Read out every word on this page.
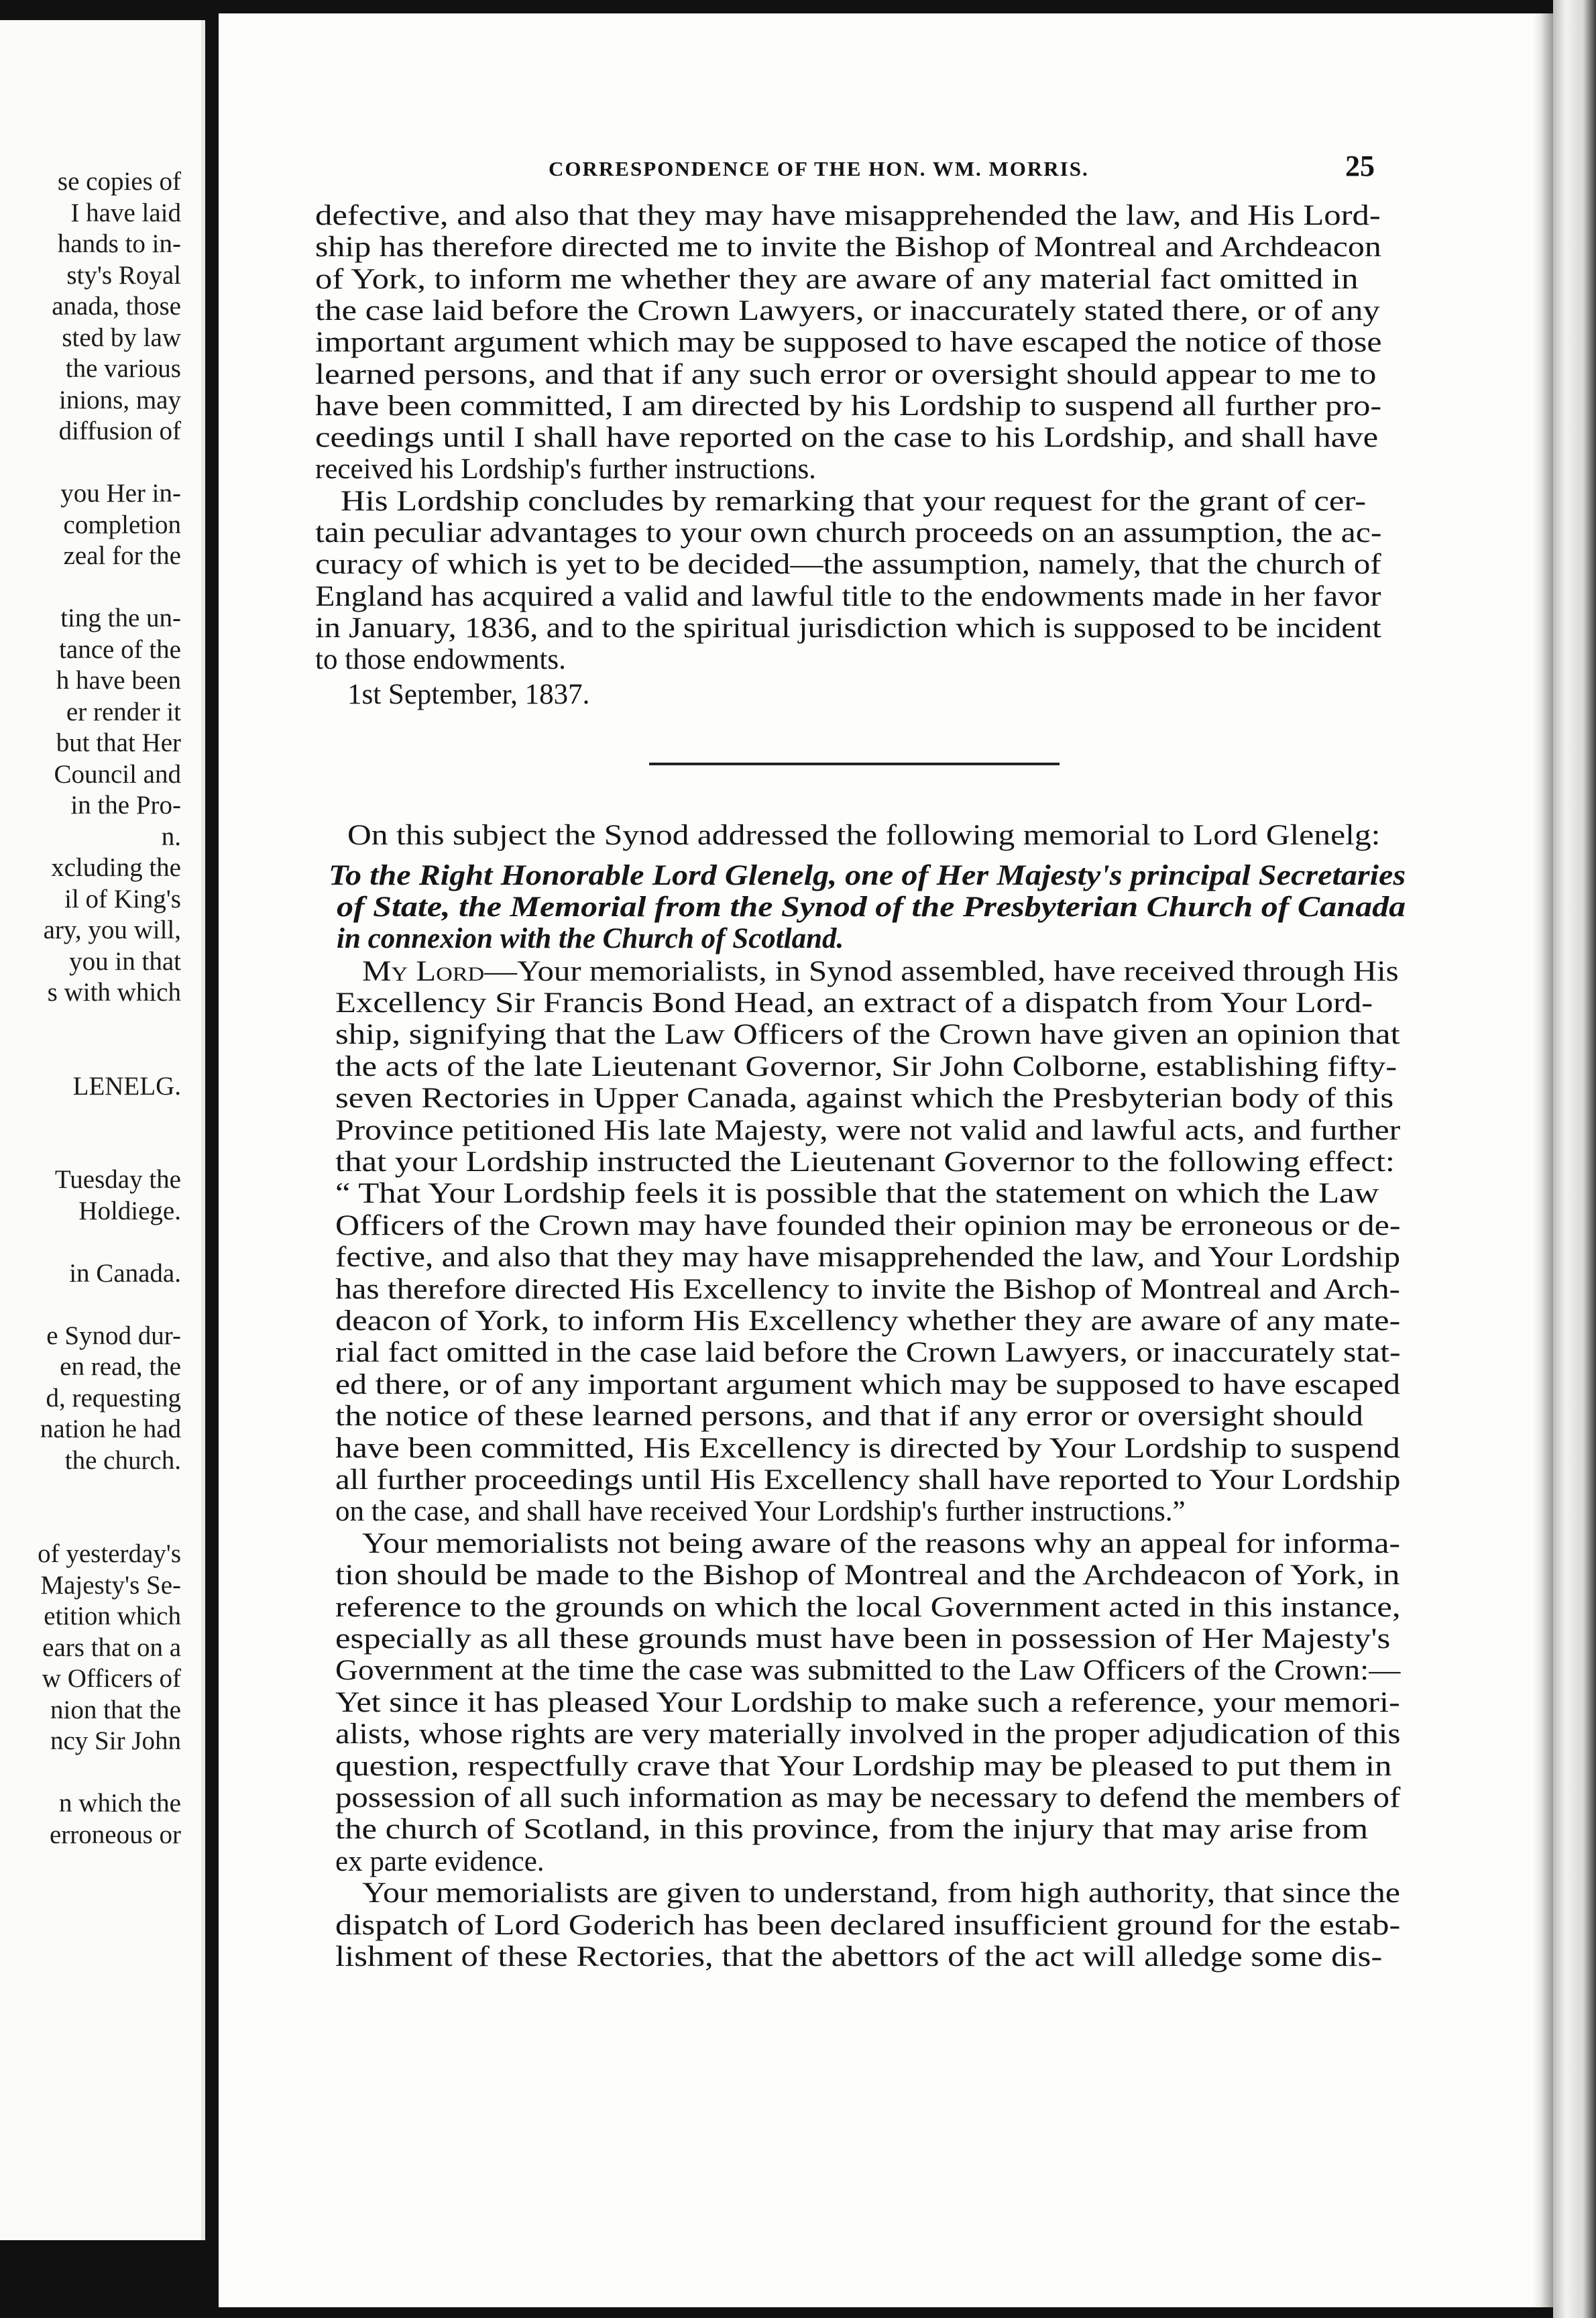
se copies of
I have laid
hands to in-
sty's Royal
anada, those
sted by law
the various
inions, may
diffusion of
you Her in-
completion
zeal for the
ting the un-
tance of the
h have been
er render it
but that Her
Council and
in the Pro-
n.
xcluding the
il of King's
ary, you will,
you in that
s with which
LENELG.
Tuesday the
Holdiege.
in Canada.
e Synod dur-
en read, the
d, requesting
nation he had
the church.
of yesterday's
Majesty's Se-
etition which
ears that on a
w Officers of
nion that the
ncy Sir John
n which the
erroneous or
CORRESPONDENCE OF THE HON. WM. MORRIS.	25
defective, and also that they may have misapprehended the law, and His Lord-
ship has therefore directed me to invite the Bishop of Montreal and Archdeacon
of York, to inform me whether they are aware of any material fact omitted in
the case laid before the Crown Lawyers, or inaccurately stated there, or of any
important argument which may be supposed to have escaped the notice of those
learned persons, and that if any such error or oversight should appear to me to
have been committed, I am directed by his Lordship to suspend all further pro-
ceedings until I shall have reported on the case to his Lordship, and shall have
received his Lordship's further instructions.
His Lordship concludes by remarking that your request for the grant of cer-
tain peculiar advantages to your own church proceeds on an assumption, the ac-
curacy of which is yet to be decided—the assumption, namely, that the church of
England has acquired a valid and lawful title to the endowments made in her favor
in January, 1836, and to the spiritual jurisdiction which is supposed to be incident
to those endowments.
1st September, 1837.
On this subject the Synod addressed the following memorial to Lord Glenelg:
To the Right Honorable Lord Glenelg, one of Her Majesty's principal Secretaries
of State, the Memorial from the Synod of the Presbyterian Church of Canada
in connexion with the Church of Scotland.
My Lord—Your memorialists, in Synod assembled, have received through His
Excellency Sir Francis Bond Head, an extract of a dispatch from Your Lord-
ship, signifying that the Law Officers of the Crown have given an opinion that
the acts of the late Lieutenant Governor, Sir John Colborne, establishing fifty-
seven Rectories in Upper Canada, against which the Presbyterian body of this
Province petitioned His late Majesty, were not valid and lawful acts, and further
that your Lordship instructed the Lieutenant Governor to the following effect:
“ That Your Lordship feels it is possible that the statement on which the Law
Officers of the Crown may have founded their opinion may be erroneous or de-
fective, and also that they may have misapprehended the law, and Your Lordship
has therefore directed His Excellency to invite the Bishop of Montreal and Arch-
deacon of York, to inform His Excellency whether they are aware of any mate-
rial fact omitted in the case laid before the Crown Lawyers, or inaccurately stat-
ed there, or of any important argument which may be supposed to have escaped
the notice of these learned persons, and that if any error or oversight should
have been committed, His Excellency is directed by Your Lordship to suspend
all further proceedings until His Excellency shall have reported to Your Lordship
on the case, and shall have received Your Lordship's further instructions.”
Your memorialists not being aware of the reasons why an appeal for informa-
tion should be made to the Bishop of Montreal and the Archdeacon of York, in
reference to the grounds on which the local Government acted in this instance,
especially as all these grounds must have been in possession of Her Majesty's
Government at the time the case was submitted to the Law Officers of the Crown:—
Yet since it has pleased Your Lordship to make such a reference, your memori-
alists, whose rights are very materially involved in the proper adjudication of this
question, respectfully crave that Your Lordship may be pleased to put them in
possession of all such information as may be necessary to defend the members of
the church of Scotland, in this province, from the injury that may arise from
ex parte evidence.
Your memorialists are given to understand, from high authority, that since the
dispatch of Lord Goderich has been declared insufficient ground for the estab-
lishment of these Rectories, that the abettors of the act will alledge some dis-
